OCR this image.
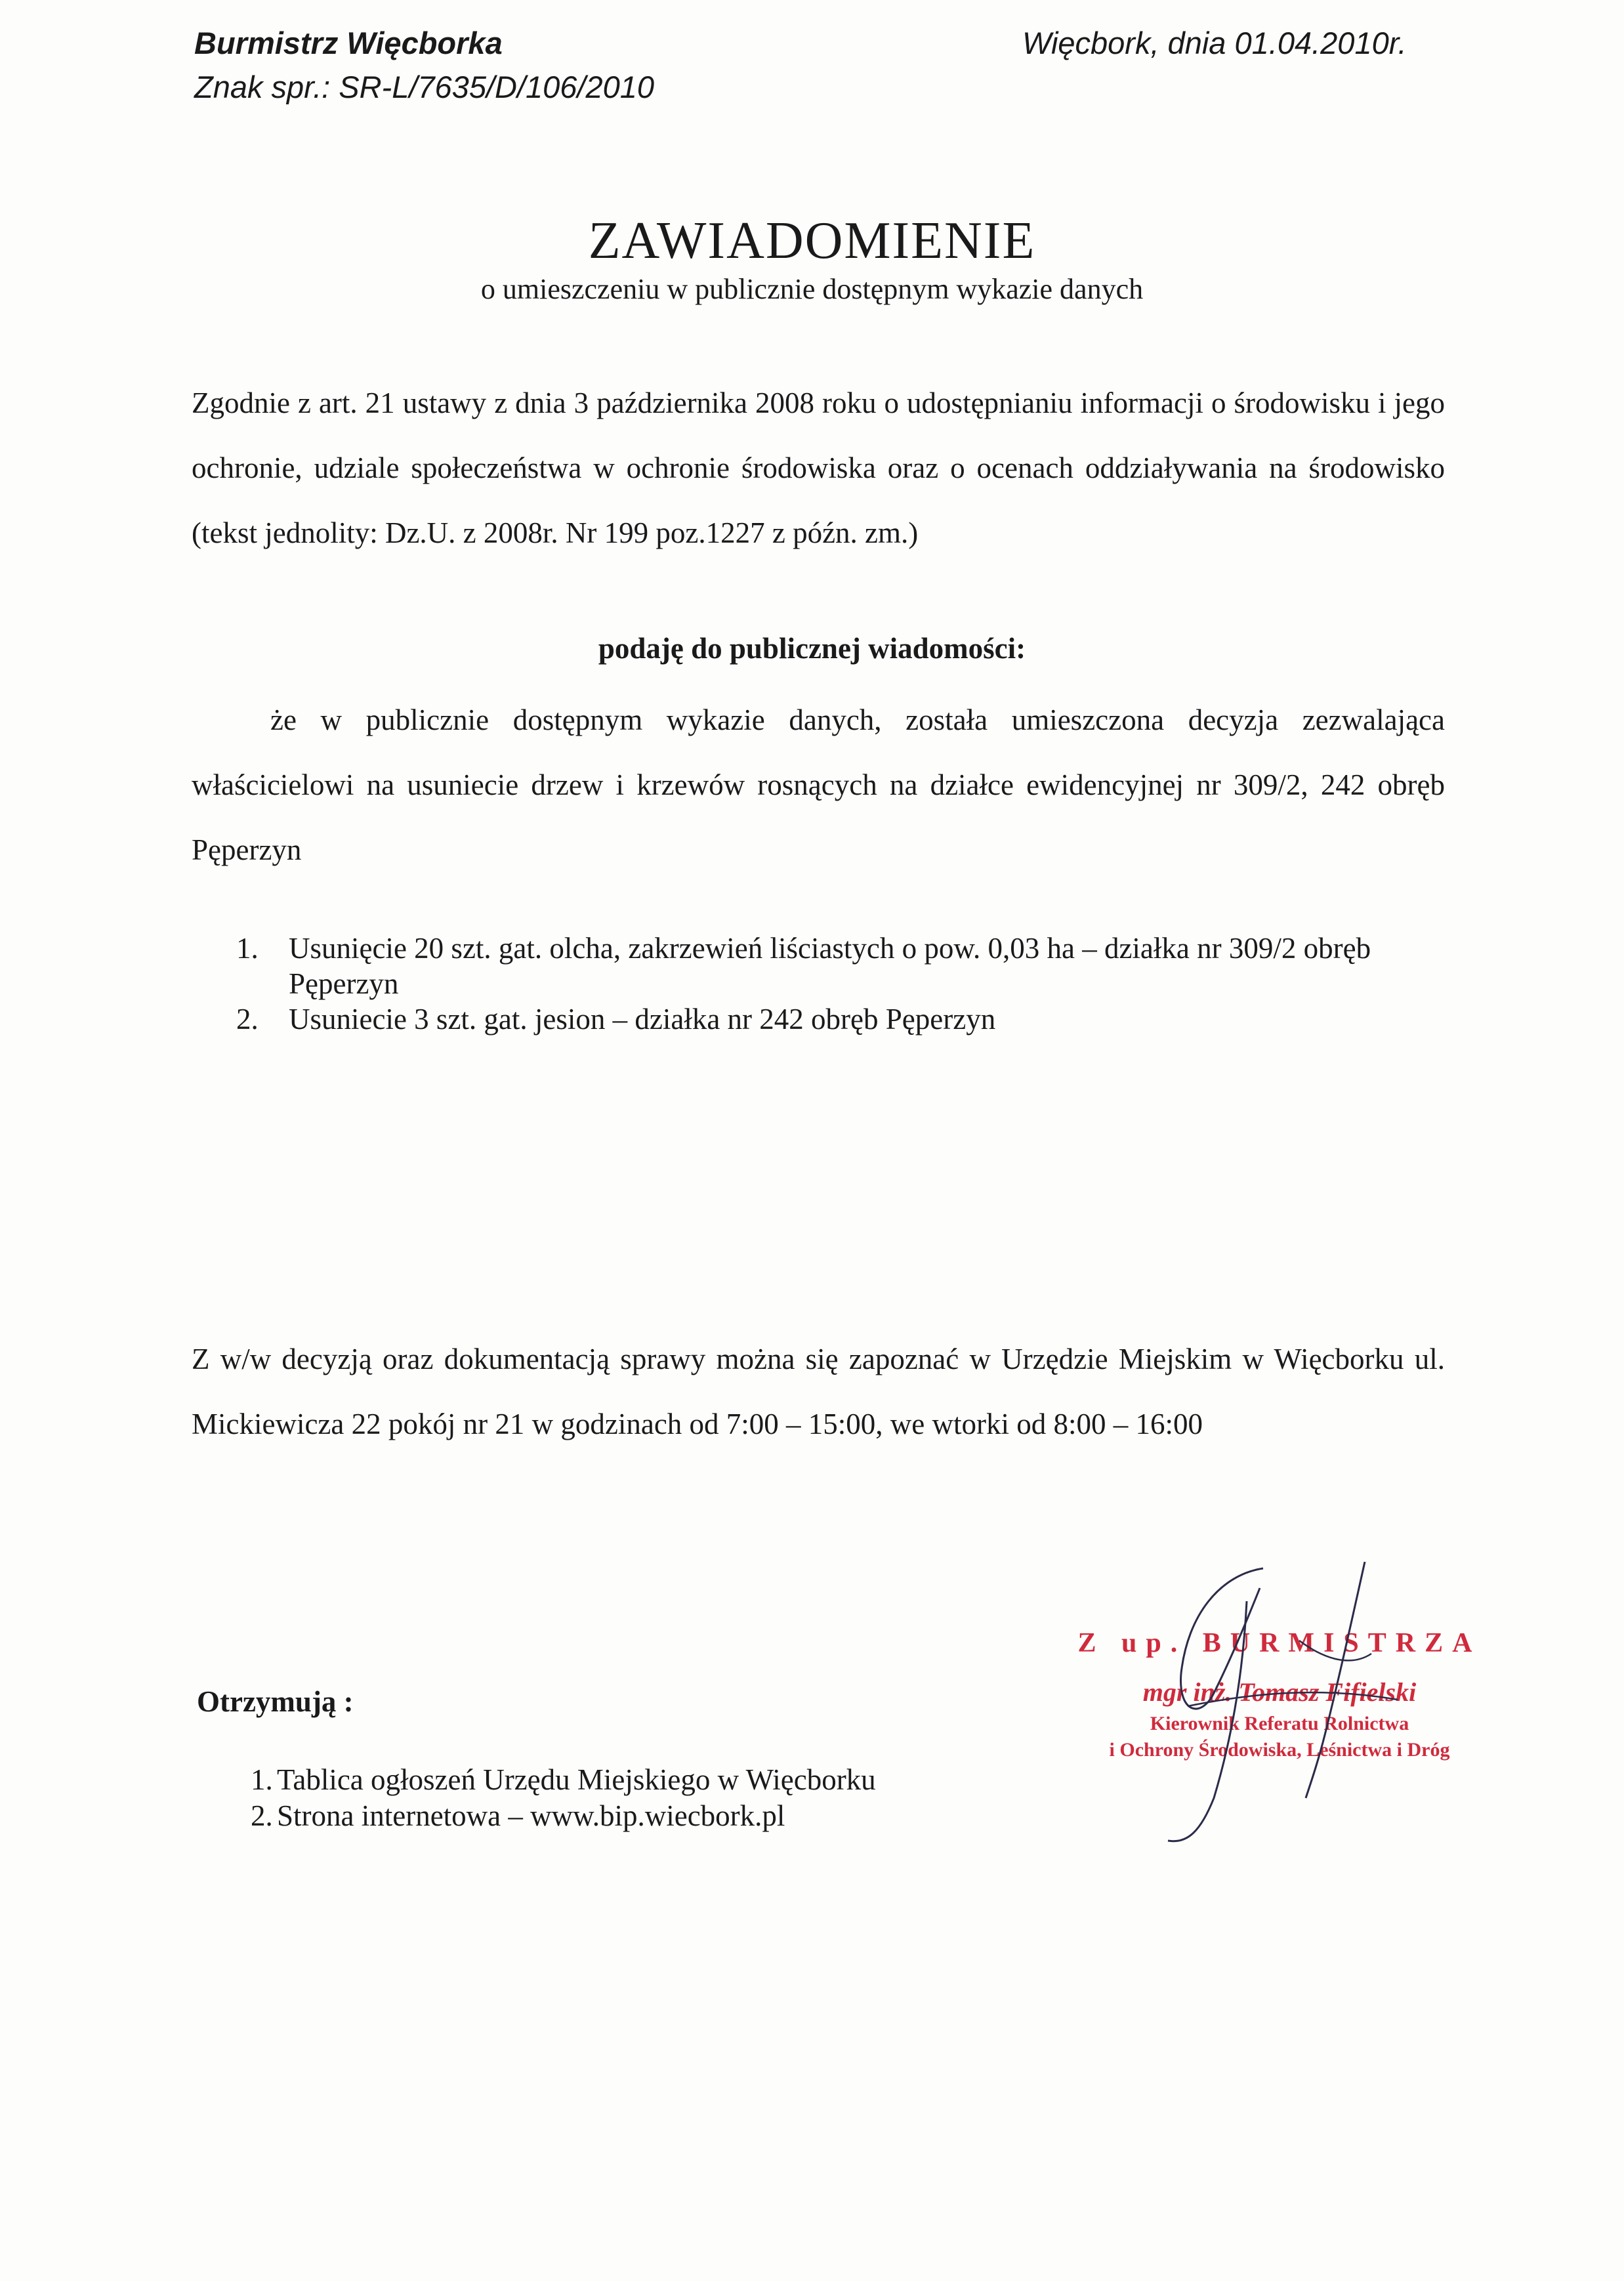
Burmistrz Więcborka
Znak spr.: SR-L/7635/D/106/2010
Więcbork, dnia 01.04.2010r.
ZAWIADOMIENIE
o umieszczeniu w publicznie dostępnym wykazie danych
Zgodnie z art. 21 ustawy z dnia 3 października 2008 roku o udostępnianiu informacji o środowisku i jego ochronie, udziale społeczeństwa w ochronie środowiska oraz o ocenach oddziaływania na środowisko (tekst jednolity: Dz.U. z 2008r. Nr 199 poz.1227 z późn. zm.)
podaję do publicznej wiadomości:
że w publicznie dostępnym wykazie danych, została umieszczona decyzja zezwalająca właścicielowi na usuniecie drzew i krzewów rosnących na działce ewidencyjnej nr 309/2, 242 obręb Pęperzyn
1. Usunięcie 20 szt. gat. olcha, zakrzewień liściastych o pow. 0,03 ha – działka nr 309/2 obręb Pęperzyn
2. Usuniecie 3 szt. gat. jesion – działka nr 242 obręb Pęperzyn
Z w/w decyzją oraz dokumentacją sprawy można się zapoznać w Urzędzie Miejskim w Więcborku ul. Mickiewicza 22 pokój nr 21 w godzinach od 7:00 – 15:00, we wtorki od 8:00 – 16:00
Otrzymują :
1. Tablica ogłoszeń Urzędu Miejskiego w Więcborku
2. Strona internetowa – www.bip.wiecbork.pl
Z up. BURMISTRZA
mgr inż. Tomasz Fifielski
Kierownik Referatu Rolnictwa
i Ochrony Środowiska, Leśnictwa i Dróg
